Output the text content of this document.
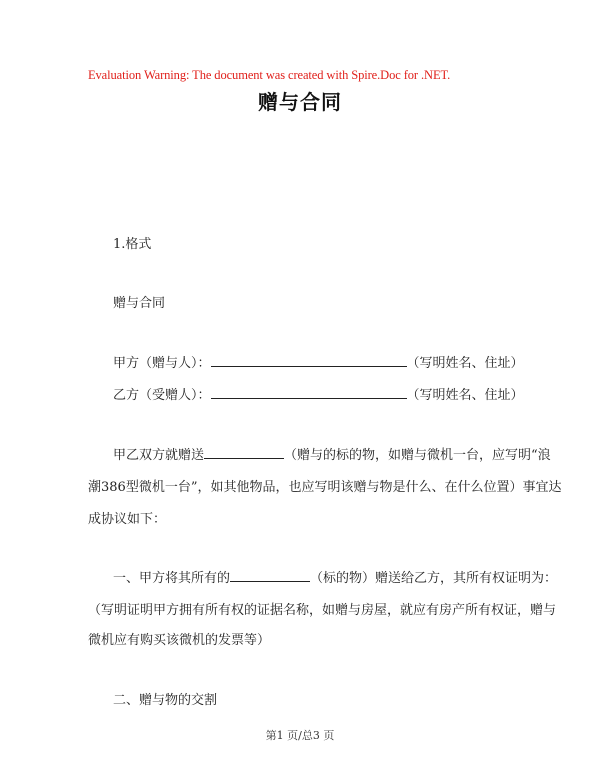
Evaluation Warning: The document was created with Spire.Doc for .NET.
赠与合同
1.格式
赠与合同
甲方（赠与人）：	（写明姓名、住址）
乙方（受赠人）：	（写明姓名、住址）
甲乙双方就赠送	（赠与的标的物，如赠与微机一台，应写明“浪
潮386型微机一台”，如其他物品，也应写明该赠与物是什么、在什么位置）事宜达
成协议如下：
一、甲方将其所有的	（标的物）赠送给乙方，其所有权证明为：
（写明证明甲方拥有所有权的证据名称，如赠与房屋，就应有房产所有权证，赠与
微机应有购买该微机的发票等）
二、赠与物的交割
第1 页/总3 页
